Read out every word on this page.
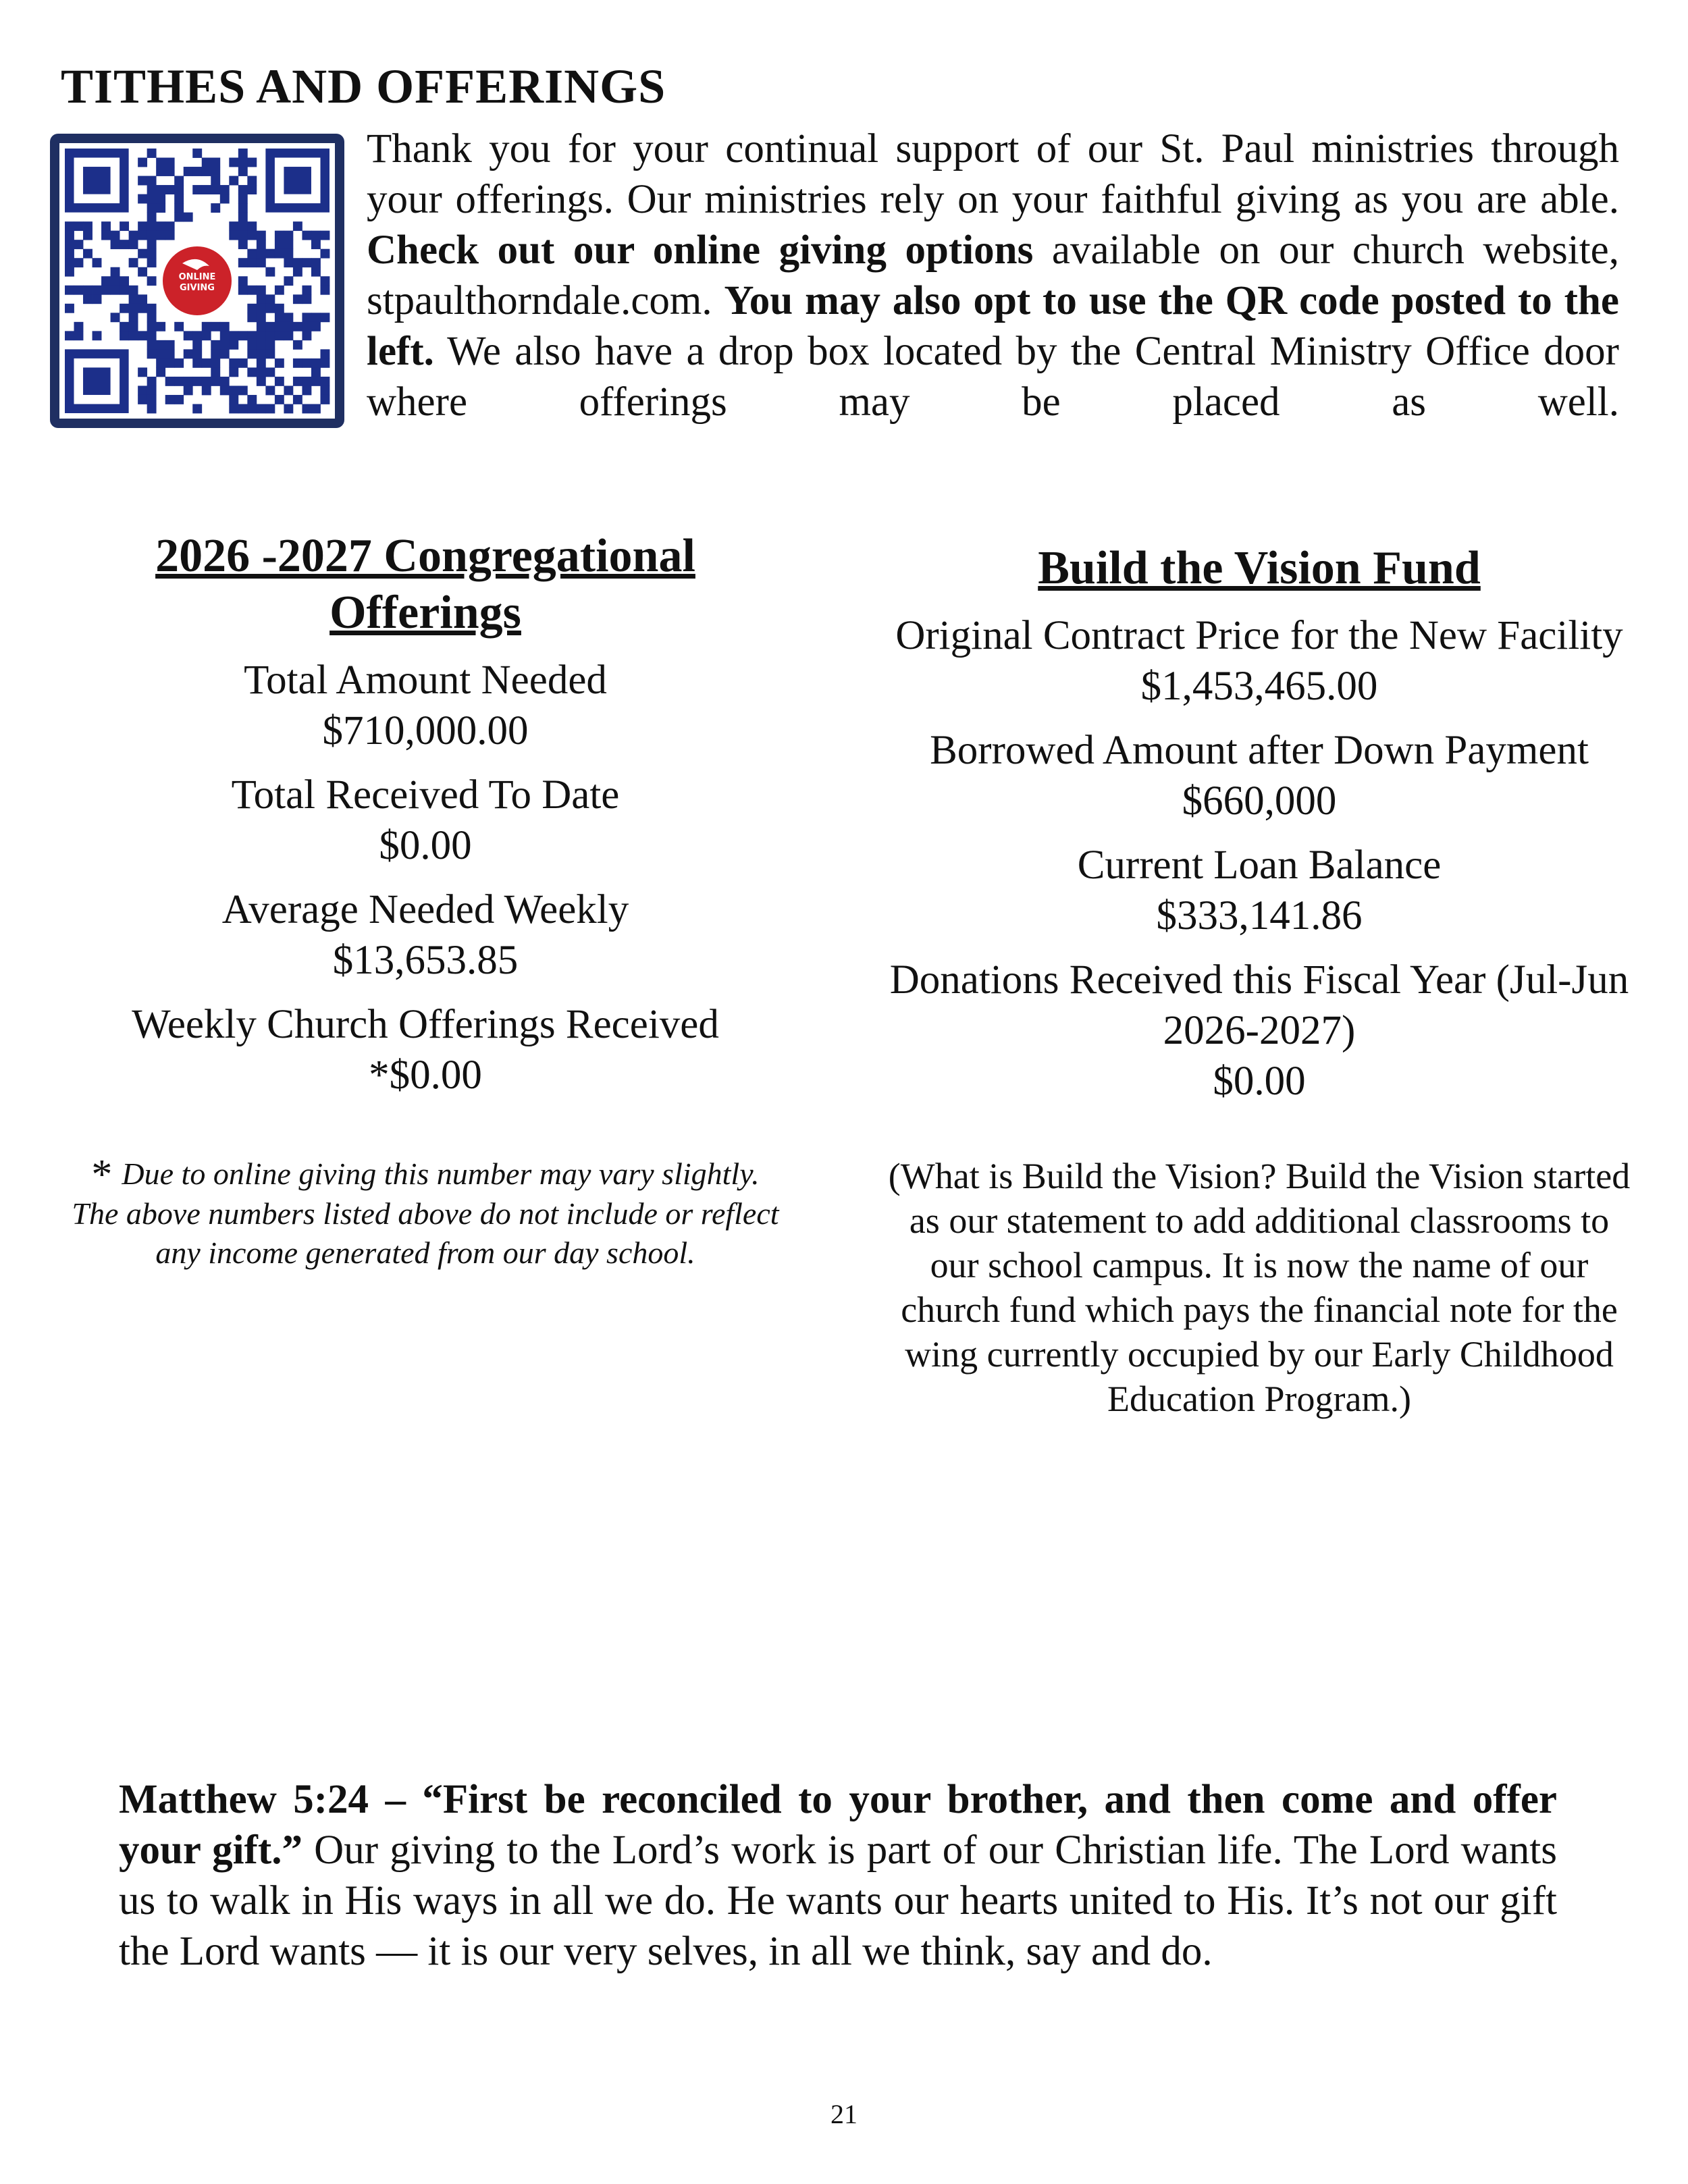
TITHES AND OFFERINGS
ONLINE
GIVING
Thank you for your continual support of our St. Paul ministries through your offerings. Our ministries rely on your faithful giving as you are able. Check out our online giving options available on our church website, stpaulthorndale.com. You may also opt to use the QR code posted to the left. We also have a drop box located by the Central Ministry Office door where offerings may be placed as well.
2026 -2027 Congregational Offerings
Total Amount Needed
$710,000.00
Total Received To Date
$0.00
Average Needed Weekly
$13,653.85
Weekly Church Offerings Received
*$0.00
* Due to online giving this number may vary slightly. The above numbers listed above do not include or reflect any income generated from our day school.
Build the Vision Fund
Original Contract Price for the New Facility
$1,453,465.00
Borrowed Amount after Down Payment
$660,000
Current Loan Balance
$333,141.86
Donations Received this Fiscal Year (Jul-Jun 2026-2027)
$0.00
(What is Build the Vision? Build the Vision started as our statement to add additional classrooms to our school campus. It is now the name of our church fund which pays the financial note for the wing currently occupied by our Early Childhood Education Program.)
Matthew 5:24 – “First be reconciled to your brother, and then come and offer your gift.” Our giving to the Lord’s work is part of our Christian life. The Lord wants us to walk in His ways in all we do. He wants our hearts united to His. It’s not our gift the Lord wants — it is our very selves, in all we think, say and do.
21
